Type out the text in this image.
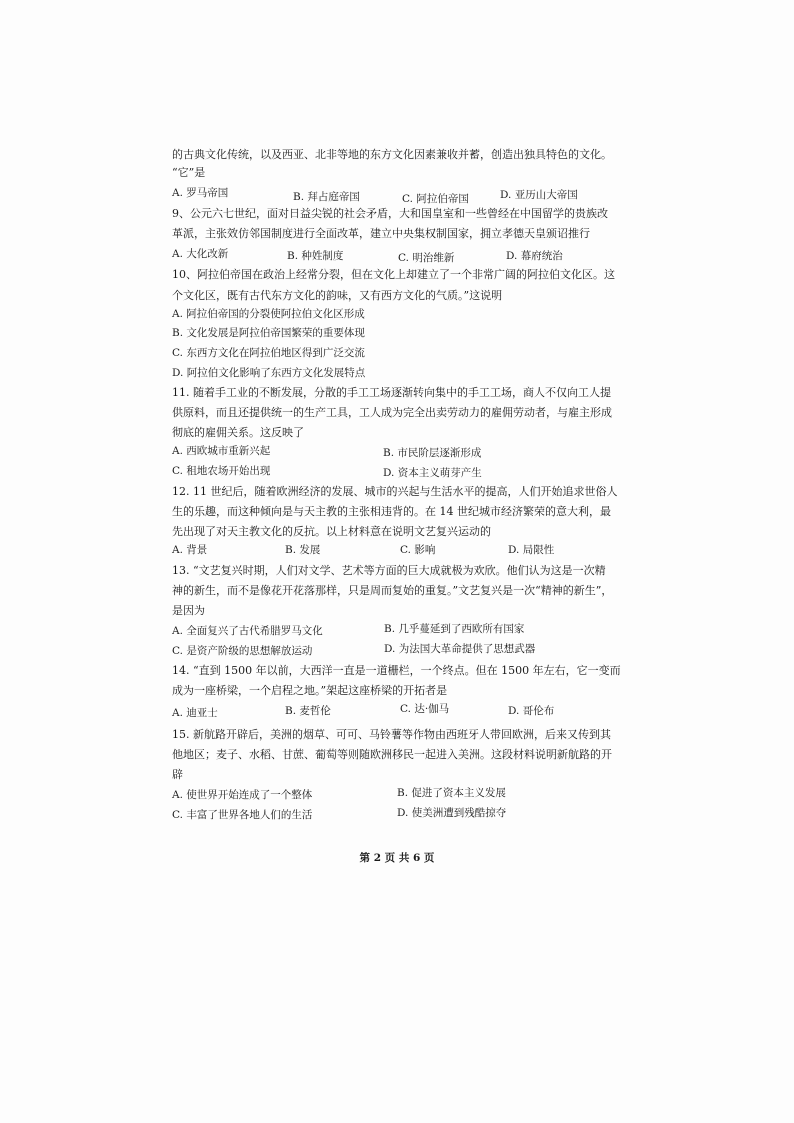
的古典文化传统，以及西亚、北非等地的东方文化因素兼收并蓄，创造出独具特色的文化。
“它”是
A. 罗马帝国	B. 拜占庭帝国	C. 阿拉伯帝国	D. 亚历山大帝国
9、公元六七世纪，面对日益尖锐的社会矛盾，大和国皇室和一些曾经在中国留学的贵族改
革派，主张效仿邻国制度进行全面改革，建立中央集权制国家，拥立孝德天皇颁诏推行
A. 大化改新	B. 种姓制度	C. 明治维新	D. 幕府统治
10、阿拉伯帝国在政治上经常分裂，但在文化上却建立了一个非常广阔的阿拉伯文化区。这
个文化区，既有古代东方文化的韵味，又有西方文化的气质。”这说明
A. 阿拉伯帝国的分裂使阿拉伯文化区形成
B. 文化发展是阿拉伯帝国繁荣的重要体现
C. 东西方文化在阿拉伯地区得到广泛交流
D. 阿拉伯文化影响了东西方文化发展特点
11. 随着手工业的不断发展，分散的手工工场逐渐转向集中的手工工场，商人不仅向工人提
供原料，而且还提供统一的生产工具，工人成为完全出卖劳动力的雇佣劳动者，与雇主形成
彻底的雇佣关系。这反映了
A. 西欧城市重新兴起	B. 市民阶层逐渐形成
C. 租地农场开始出现	D. 资本主义萌芽产生
12. 11 世纪后，随着欧洲经济的发展、城市的兴起与生活水平的提高，人们开始追求世俗人
生的乐趣，而这种倾向是与天主教的主张相违背的。在 14 世纪城市经济繁荣的意大利，最
先出现了对天主教文化的反抗。以上材料意在说明文艺复兴运动的
A. 背景	B. 发展	C. 影响	D. 局限性
13. “文艺复兴时期，人们对文学、艺术等方面的巨大成就极为欢欣。他们认为这是一次精
神的新生，而不是像花开花落那样，只是周而复始的重复。”文艺复兴是一次“精神的新生”，
是因为
A. 全面复兴了古代希腊罗马文化	B. 几乎蔓延到了西欧所有国家
C. 是资产阶级的思想解放运动	D. 为法国大革命提供了思想武器
14. “直到 1500 年以前，大西洋一直是一道栅栏，一个终点。但在 1500 年左右，它一变而
成为一座桥梁，一个启程之地。”架起这座桥梁的开拓者是
A. 迪亚士	B. 麦哲伦	C. 达·伽马	D. 哥伦布
15. 新航路开辟后，美洲的烟草、可可、马铃薯等作物由西班牙人带回欧洲，后来又传到其
他地区；麦子、水稻、甘蔗、葡萄等则随欧洲移民一起进入美洲。这段材料说明新航路的开
辟
A. 使世界开始连成了一个整体	B. 促进了资本主义发展
C. 丰富了世界各地人们的生活	D. 使美洲遭到残酷掠夺
第 2 页 共 6 页
